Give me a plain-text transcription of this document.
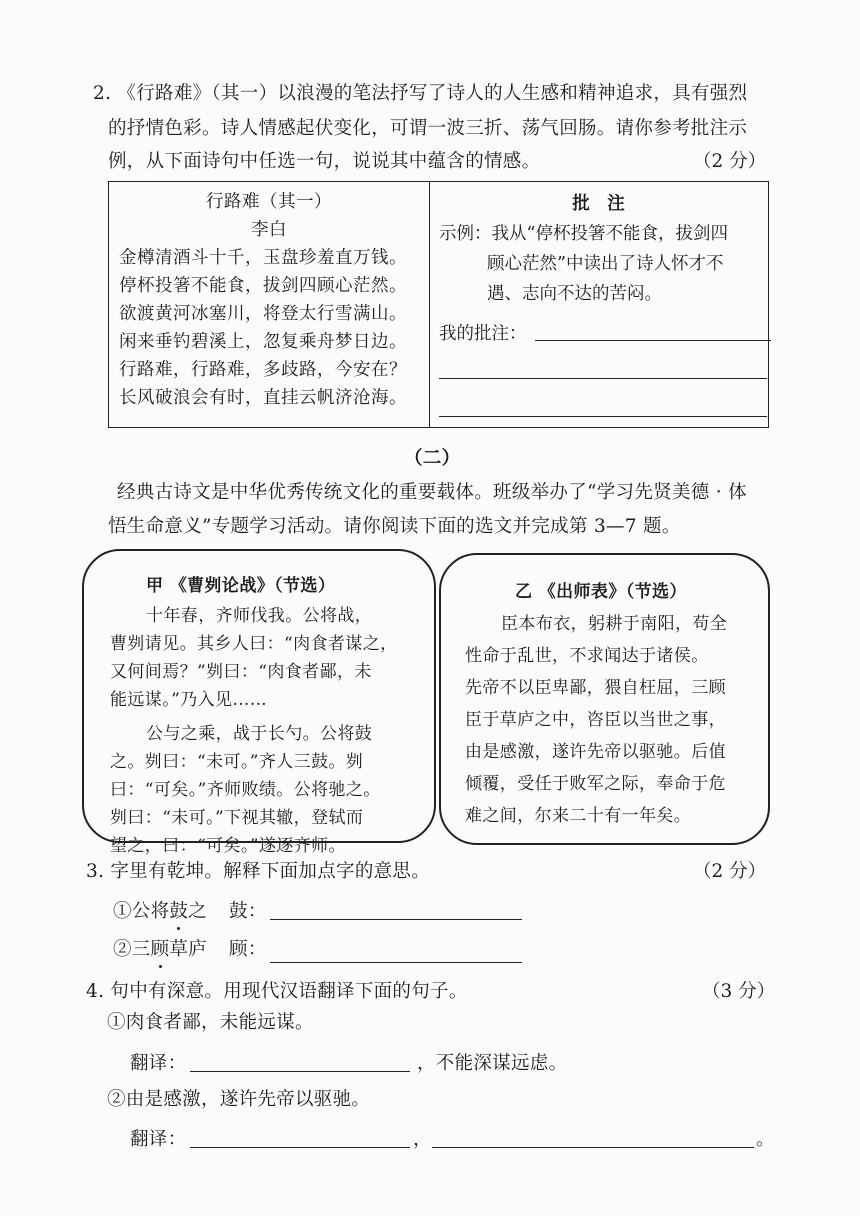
2. 《行路难》（其一）以浪漫的笔法抒写了诗人的人生感和精神追求，具有强烈
的抒情色彩。诗人情感起伏变化，可谓一波三折、荡气回肠。请你参考批注示
例，从下面诗句中任选一句，说说其中蕴含的情感。	（2 分）
行路难（其一）
李白
金樽清酒斗十千，玉盘珍羞直万钱。
停杯投箸不能食，拔剑四顾心茫然。
欲渡黄河冰塞川，将登太行雪满山。
闲来垂钓碧溪上，忽复乘舟梦日边。
行路难，行路难，多歧路，今安在？
长风破浪会有时，直挂云帆济沧海。
批　注
示例：我从“停杯投箸不能食，拔剑四
顾心茫然”中读出了诗人怀才不
遇、志向不达的苦闷。
我的批注：
（二）
经典古诗文是中华优秀传统文化的重要载体。班级举办了“学习先贤美德 · 体
悟生命意义”专题学习活动。请你阅读下面的选文并完成第 3—7 题。
甲 《曹刿论战》（节选）
十年春，齐师伐我。公将战，
曹刿请见。其乡人曰：“肉食者谋之，
又何间焉？”刿曰：“肉食者鄙，未
能远谋。”乃入见……
公与之乘，战于长勺。公将鼓
之。刿曰：“未可。”齐人三鼓。刿
曰：“可矣。”齐师败绩。公将驰之。
刿曰：“未可。”下视其辙，登轼而
望之，曰：“可矣。”遂逐齐师。
乙 《出师表》（节选）
臣本布衣，躬耕于南阳，苟全
性命于乱世，不求闻达于诸侯。
先帝不以臣卑鄙，猥自枉屈，三顾
臣于草庐之中，咨臣以当世之事，
由是感激，遂许先帝以驱驰。后值
倾覆，受任于败军之际，奉命于危
难之间，尔来二十有一年矣。
3. 字里有乾坤。解释下面加点字的意思。	（2 分）
①公将鼓之 鼓：
②三顾草庐 顾：
4. 句中有深意。用现代汉语翻译下面的句子。	（3 分）
①肉食者鄙，未能远谋。
翻译：	，不能深谋远虑。
②由是感激，遂许先帝以驱驰。
翻译：	，	。
